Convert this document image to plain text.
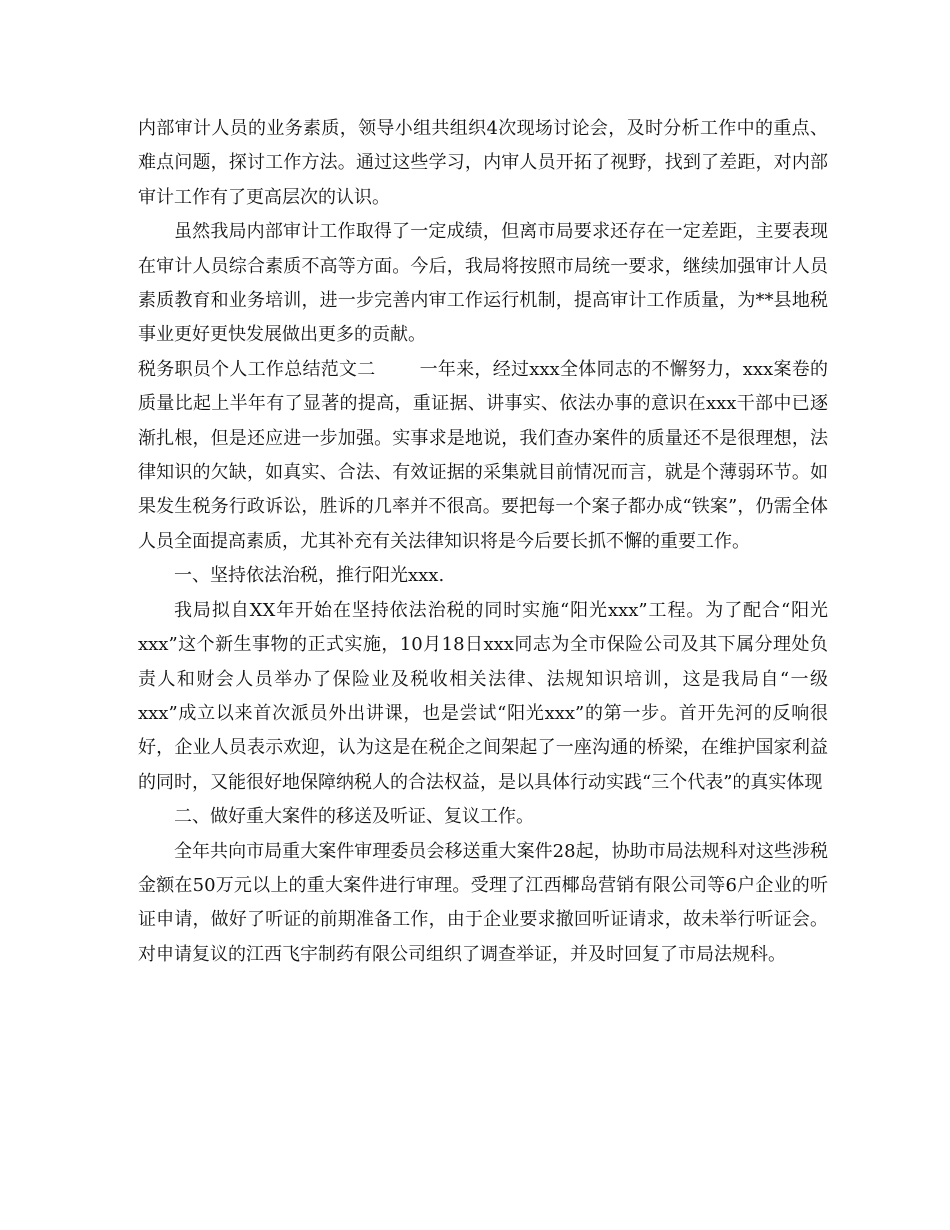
内部审计人员的业务素质，领导小组共组织4次现场讨论会，及时分析工作中的重点、难点问题，探讨工作方法。通过这些学习，内审人员开拓了视野，找到了差距，对内部审计工作有了更高层次的认识。

虽然我局内部审计工作取得了一定成绩，但离市局要求还存在一定差距，主要表现在审计人员综合素质不高等方面。今后，我局将按照市局统一要求，继续加强审计人员素质教育和业务培训，进一步完善内审工作运行机制，提高审计工作质量，为**县地税事业更好更快发展做出更多的贡献。

税务职员个人工作总结范文二 一年来，经过xxx全体同志的不懈努力，xxx案卷的质量比起上半年有了显著的提高，重证据、讲事实、依法办事的意识在xxx干部中已逐渐扎根，但是还应进一步加强。实事求是地说，我们查办案件的质量还不是很理想，法律知识的欠缺，如真实、合法、有效证据的采集就目前情况而言，就是个薄弱环节。如果发生税务行政诉讼，胜诉的几率并不很高。要把每一个案子都办成“铁案”，仍需全体人员全面提高素质，尤其补充有关法律知识将是今后要长抓不懈的重要工作。

一、坚持依法治税，推行阳光xxx.

我局拟自XX年开始在坚持依法治税的同时实施“阳光xxx”工程。为了配合“阳光xxx”这个新生事物的正式实施，10月18日xxx同志为全市保险公司及其下属分理处负责人和财会人员举办了保险业及税收相关法律、法规知识培训，这是我局自“一级xxx”成立以来首次派员外出讲课，也是尝试“阳光xxx”的第一步。首开先河的反响很好，企业人员表示欢迎，认为这是在税企之间架起了一座沟通的桥梁，在维护国家利益的同时，又能很好地保障纳税人的合法权益，是以具体行动实践“三个代表”的真实体现

二、做好重大案件的移送及听证、复议工作。

全年共向市局重大案件审理委员会移送重大案件28起，协助市局法规科对这些涉税金额在50万元以上的重大案件进行审理。受理了江西椰岛营销有限公司等6户企业的听证申请，做好了听证的前期准备工作，由于企业要求撤回听证请求，故未举行听证会。对申请复议的江西飞宇制药有限公司组织了调查举证，并及时回复了市局法规科。
